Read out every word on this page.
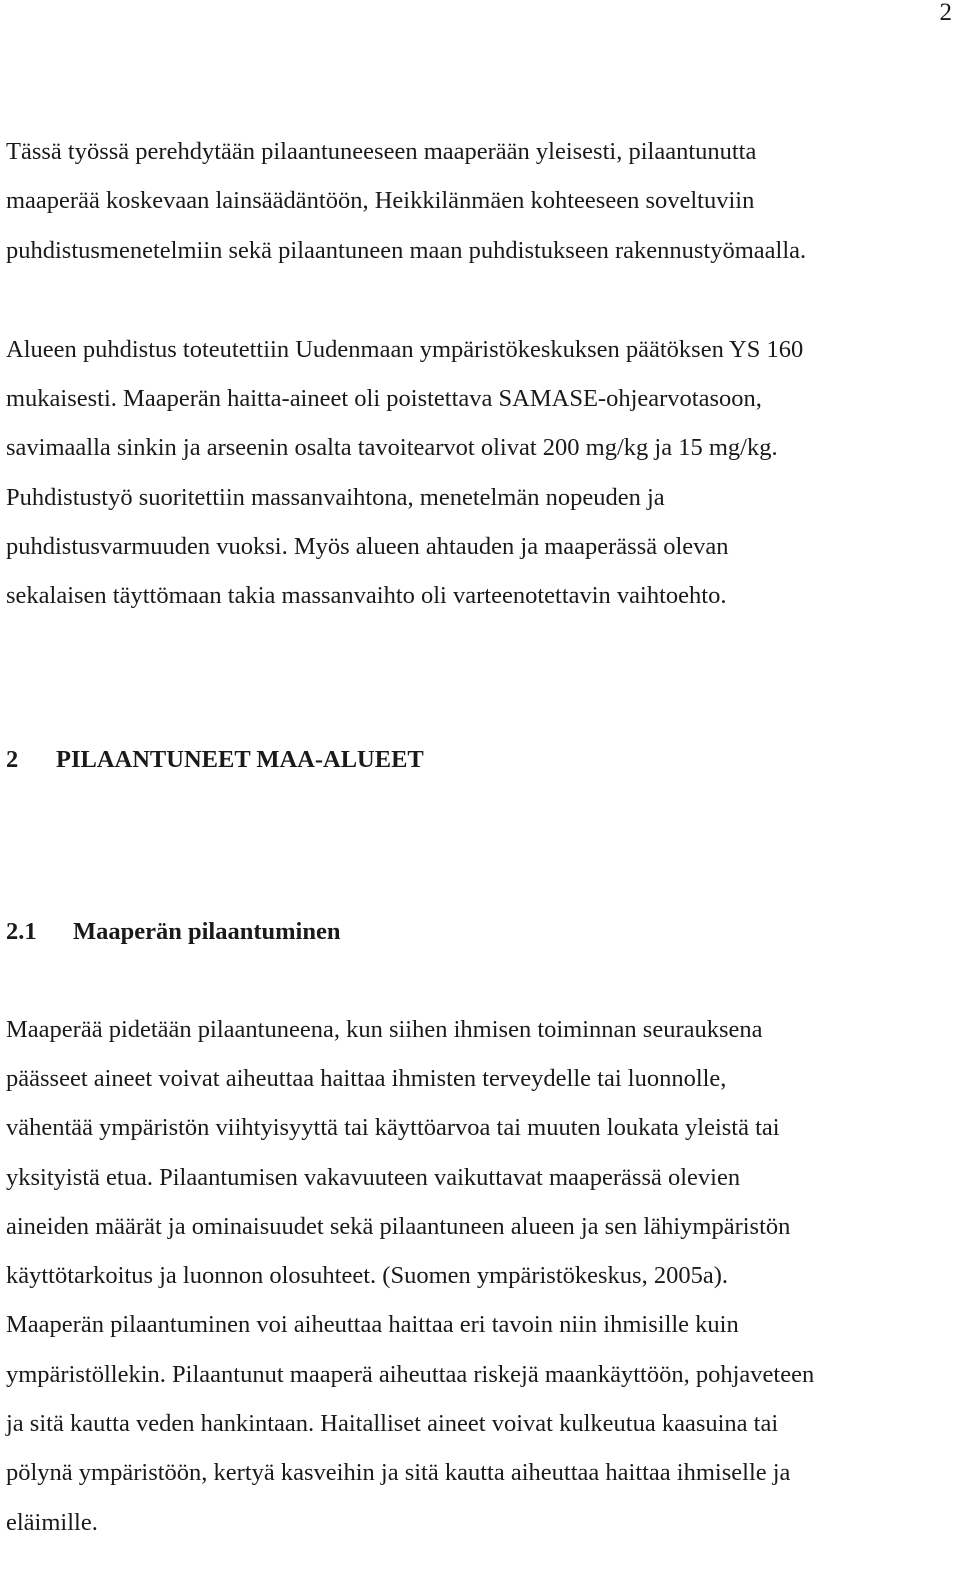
2

Tässä työssä perehdytään pilaantuneeseen maaperään yleisesti, pilaantunutta
maaperää koskevaan lainsäädäntöön, Heikkilänmäen kohteeseen soveltuviin
puhdistusmenetelmiin sekä pilaantuneen maan puhdistukseen rakennustyömaalla.

Alueen puhdistus toteutettiin Uudenmaan ympäristökeskuksen päätöksen YS 160
mukaisesti. Maaperän haitta-aineet oli poistettava SAMASE-ohjearvotasoon,
savimaalla sinkin ja arseenin osalta tavoitearvot olivat 200 mg/kg ja 15 mg/kg.
Puhdistustyö suoritettiin massanvaihtona, menetelmän nopeuden ja
puhdistusvarmuuden vuoksi. Myös alueen ahtauden ja maaperässä olevan
sekalaisen täyttömaan takia massanvaihto oli varteenotettavin vaihtoehto.

2 PILAANTUNEET MAA-ALUEET
2.1 Maaperän pilaantuminen

Maaperää pidetään pilaantuneena, kun siihen ihmisen toiminnan seurauksena
päässeet aineet voivat aiheuttaa haittaa ihmisten terveydelle tai luonnolle,
vähentää ympäristön viihtyisyyttä tai käyttöarvoa tai muuten loukata yleistä tai
yksityistä etua. Pilaantumisen vakavuuteen vaikuttavat maaperässä olevien
aineiden määrät ja ominaisuudet sekä pilaantuneen alueen ja sen lähiympäristön
käyttötarkoitus ja luonnon olosuhteet. (Suomen ympäristökeskus, 2005a).
Maaperän pilaantuminen voi aiheuttaa haittaa eri tavoin niin ihmisille kuin
ympäristöllekin. Pilaantunut maaperä aiheuttaa riskejä maankäyttöön, pohjaveteen
ja sitä kautta veden hankintaan. Haitalliset aineet voivat kulkeutua kaasuina tai
pölynä ympäristöön, kertyä kasveihin ja sitä kautta aiheuttaa haittaa ihmiselle ja
eläimille.
